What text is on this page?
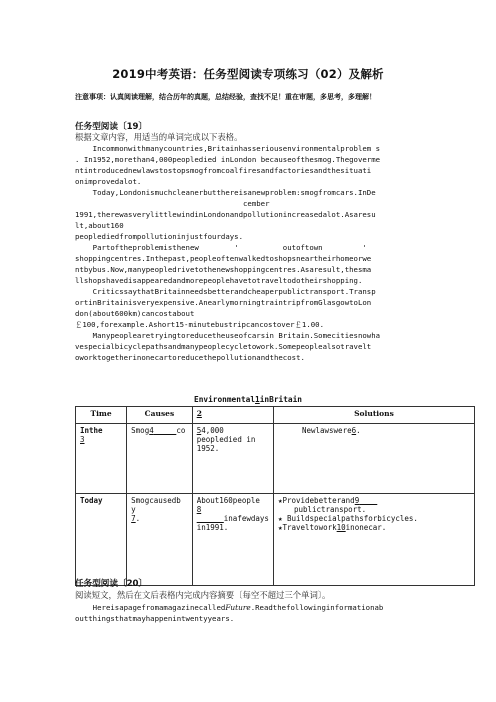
2019中考英语：任务型阅读专项练习（02）及解析
注意事项：认真阅读理解，结合历年的真题，总结经验，查找不足！重在审题，多思考，多理解！
任务型阅读〔19〕
根据文章内容，用适当的单词完成以下表格。
Incommonwithmanycountries,Britainhasseriousenvironmentalproblem s
. In1952,morethan4,000peopledied inLondon becauseofthesmog.Thegoverme
ntintroducednewlawstostopsmogfromcoalfiresandfactoriesandthesituati
onimprovedalot.
Today,Londonismuchcleanerbutthereisanewproblem:smogfromcars.InDe
cember
1991,therewasverylittlewindinLondonandpollutionincreasedalot.Asaresu
lt,about160
peoplediedfrompollutioninjustfourdays.
Partoftheproblemisthenew        '          outoftown         '
shoppingcentres.Inthepast,peopleoftenwalkedtoshopsneartheirhomeorwe
ntbybus.Now,manypeopledrivetothenewshoppingcentres.Asaresult,thesma
llshopshavedisappearedandmorepeoplehavetotraveltodotheirshopping.
CriticssaythatBritainneedsbetterandcheaperpublictransport.Transp
ortinBritainisveryexpensive.AnearlymorningtraintripfromGlasgowtoLon
don(about600km)cancostabout
￡100,forexample.Ashort15-minutebustripcancostover￡1.00.
Manypeoplearetryingtoreducetheuseofcarsin Britain.Somecitiesnowha
vespecialbicyclepathsandmanypeoplecycletowork.Somepeoplealsotravelt
oworktogetherinonecartoreducethepollutionandthecost.
Environmental1inBritain
Time	Causes	2	Solutions
Inthe
3	Smog4 co	54,000 peopledied in 1952.	Newlawswere6.
Today	Smogcausedb y
7.	About160people
8
inafewdays in1991.	★Providebetterand9
publictransport.
★ Buildspecialpathsforbicycles.
★Traveltowork10inonecar.
任务型阅读〔20〕
阅读短文，然后在文后表格内完成内容摘要〔每空不超过三个单词〕。
HereisapagefromamagazinecalledFuture.Readthefollowinginformationab
outthingsthatmayhappenintwentyyears.
